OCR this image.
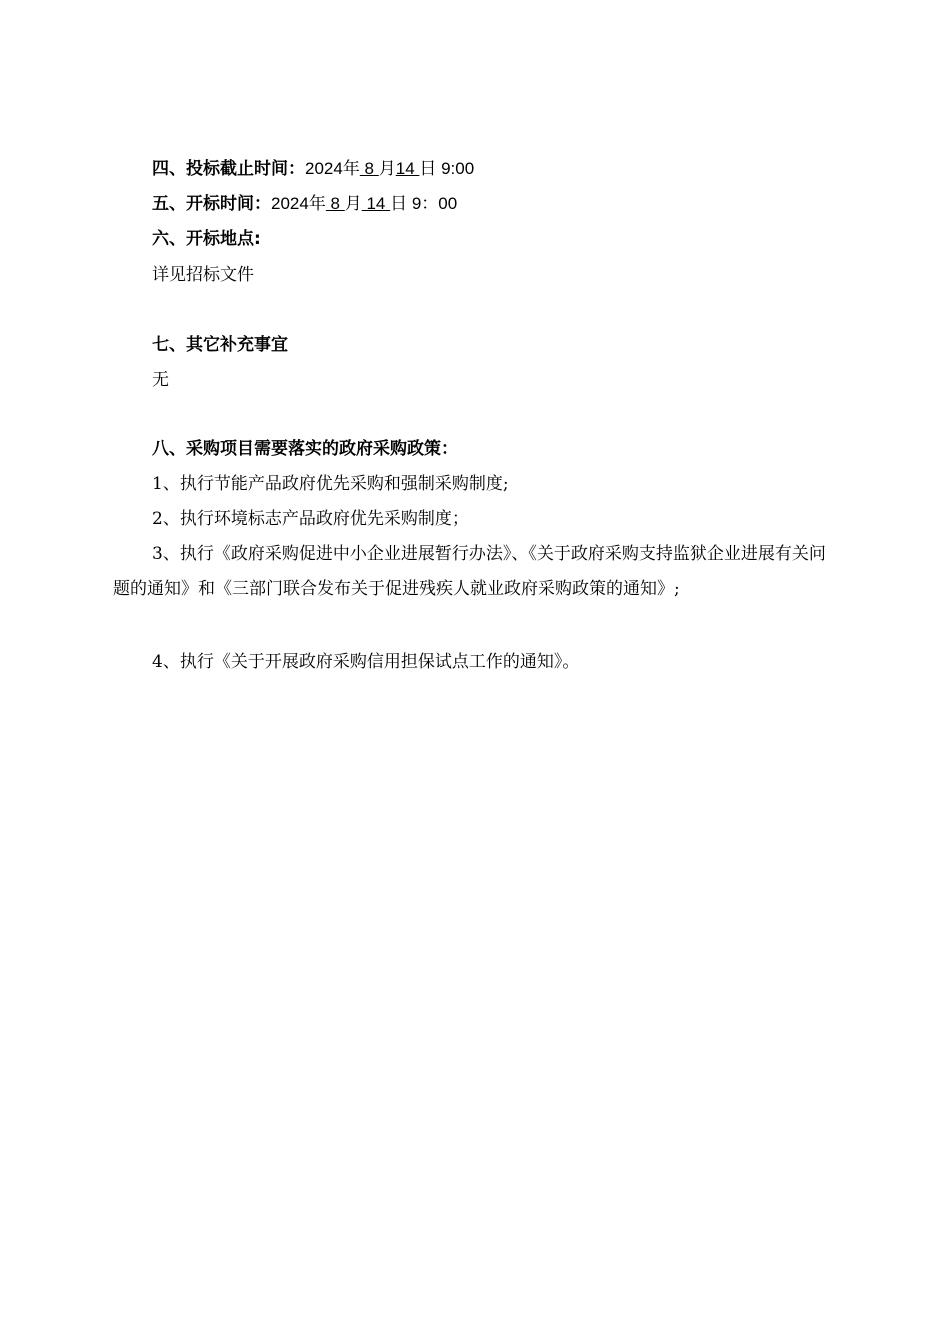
四、投标截止时间：2024年 8 月14 日 9:00
五、开标时间：2024年 8 月 14 日 9：00
六、开标地点:
详见招标文件
七、其它补充事宜
无
八、采购项目需要落实的政府采购政策：
1、执行节能产品政府优先采购和强制采购制度;
2、执行环境标志产品政府优先采购制度；
3、执行《政府采购促进中小企业进展暂行办法》、《关于政府采购支持监狱企业进展有关问题的通知》和《三部门联合发布关于促进残疾人就业政府采购政策的通知》;
4、执行《关于开展政府采购信用担保试点工作的通知》。
